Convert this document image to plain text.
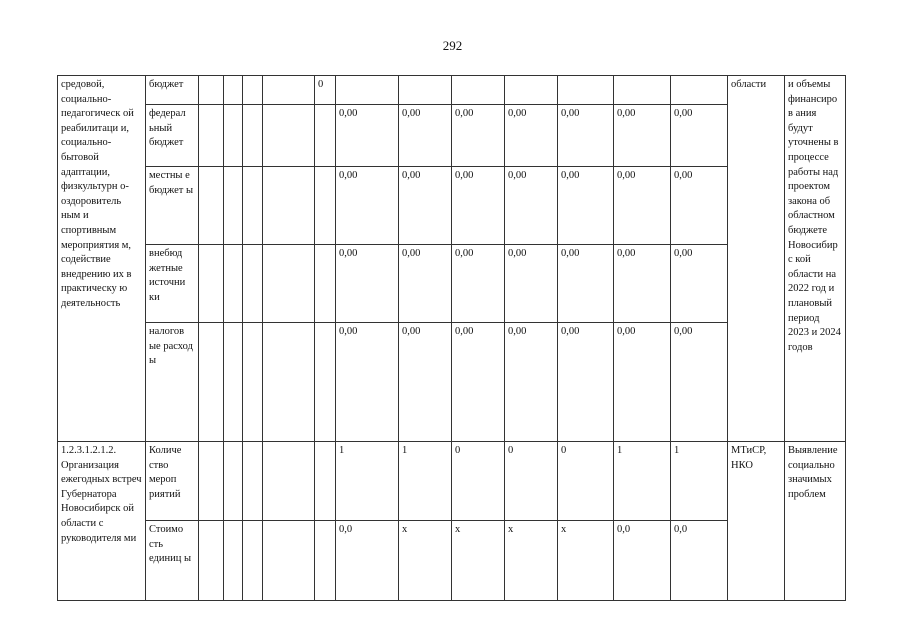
292
средовой, социально-педагогическ ой реабилитаци и, социально-бытовой адаптации, физкультурн о-оздоровитель ным и спортивным мероприятия м, содействие внедрению их в практическу ю деятельность	бюджет					0								области	и объемы финансиров ания будут уточнены в процессе работы над проектом закона об областном бюджете Новосибирс кой области на 2022 год и плановый период 2023 и 2024 годов
	федерал ьный бюджет						0,00	0,00	0,00	0,00	0,00	0,00	0,00		
	местны е бюджет ы						0,00	0,00	0,00	0,00	0,00	0,00	0,00		
	внебюд жетные источни ки						0,00	0,00	0,00	0,00	0,00	0,00	0,00		
	налогов ые расход ы						0,00	0,00	0,00	0,00	0,00	0,00	0,00		
1.2.3.1.2.1.2. Организация ежегодных встреч Губернатора Новосибирск ой области с руководителя ми	Количе ство мероп риятий						1	1	0	0	0	1	1	МТиСР, НКО	Выявление социально значимых проблем
	Стоимо сть единиц ы						0,0	x	x	x	x	0,0	0,0		
